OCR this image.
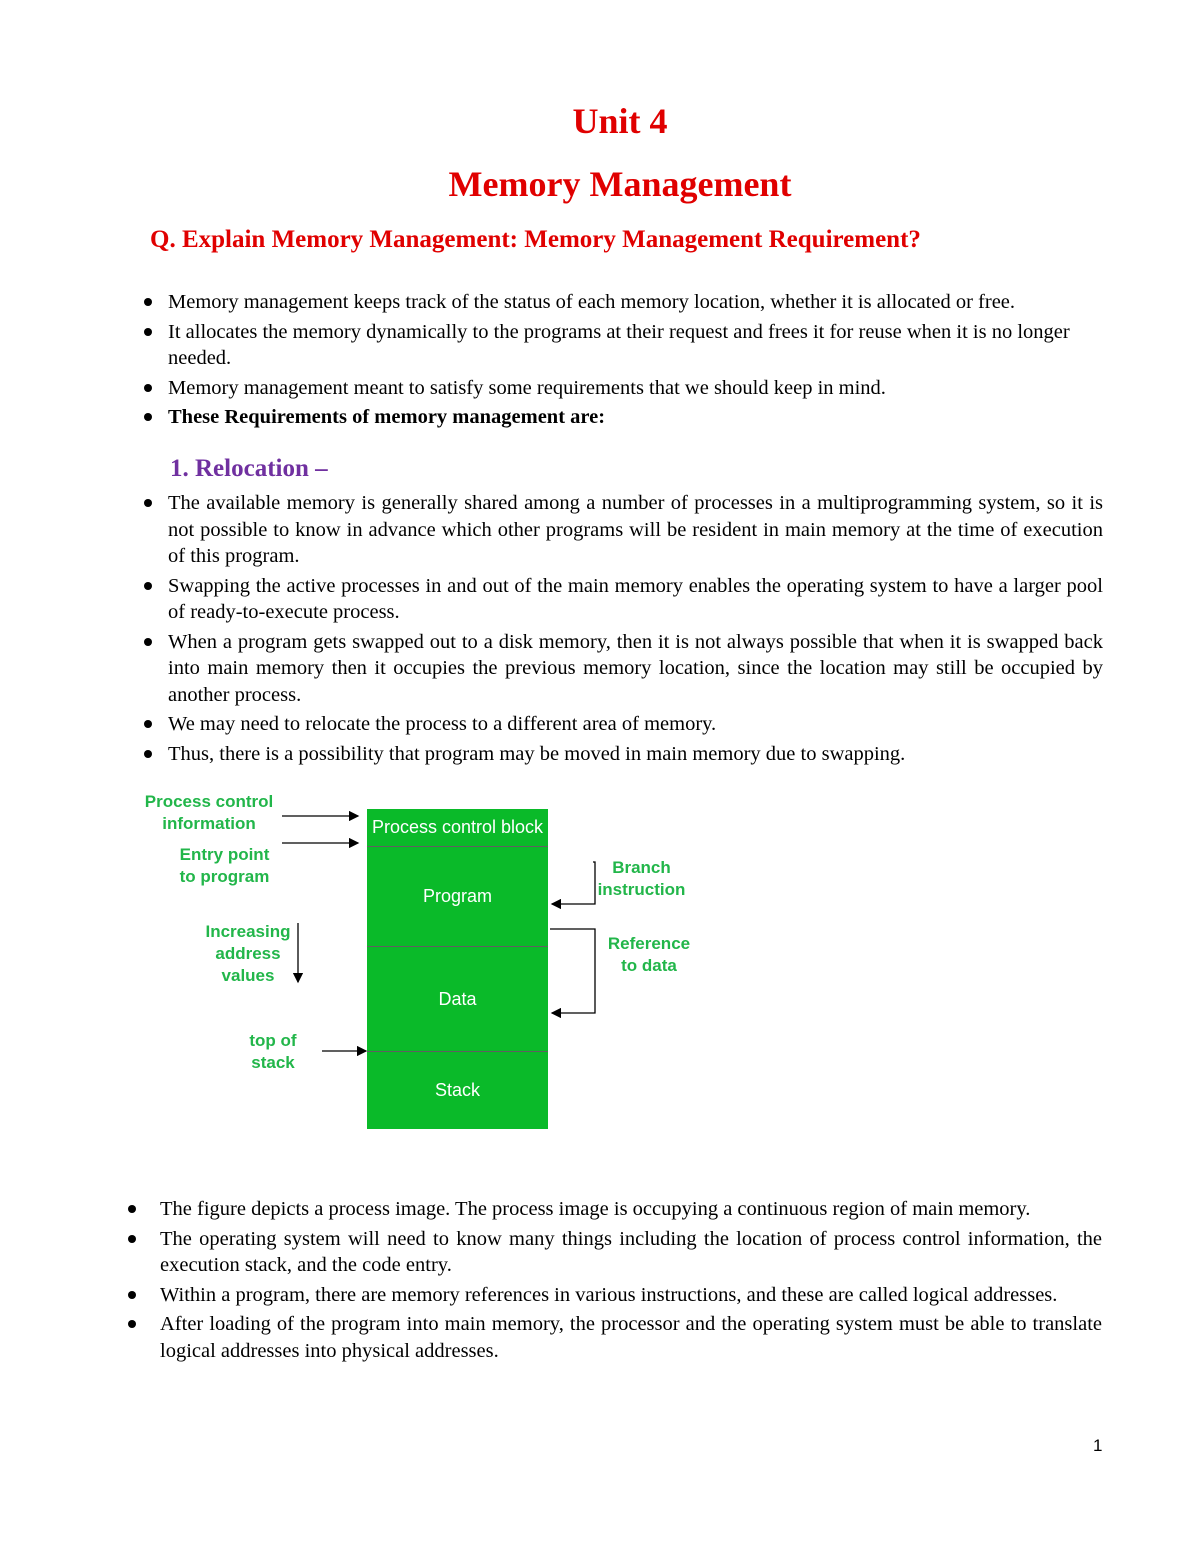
Unit 4
Memory Management
Q. Explain Memory Management: Memory Management Requirement?
Memory management keeps track of the status of each memory location, whether it is allocated or free.
It allocates the memory dynamically to the programs at their request and frees it for reuse when it is no longer needed.
Memory management meant to satisfy some requirements that we should keep in mind.
These Requirements of memory management are:
1. Relocation –
The available memory is generally shared among a number of processes in a multiprogramming system, so it is not possible to know in advance which other programs will be resident in main memory at the time of execution of this program.
Swapping the active processes in and out of the main memory enables the operating system to have a larger pool of ready-to-execute process.
When a program gets swapped out to a disk memory, then it is not always possible that when it is swapped back into main memory then it occupies the previous memory location, since the location may still be occupied by another process.
We may need to relocate the process to a different area of memory.
Thus, there is a possibility that program may be moved in main memory due to swapping.
Process control block
Program
Data
Stack
Process control information
Entry point to program
Increasing address values
top of stack
Branch instruction
Reference to data
The figure depicts a process image. The process image is occupying a continuous region of main memory.
The operating system will need to know many things including the location of process control information, the execution stack, and the code entry.
Within a program, there are memory references in various instructions, and these are called logical addresses.
After loading of the program into main memory, the processor and the operating system must be able to translate logical addresses into physical addresses.
1
